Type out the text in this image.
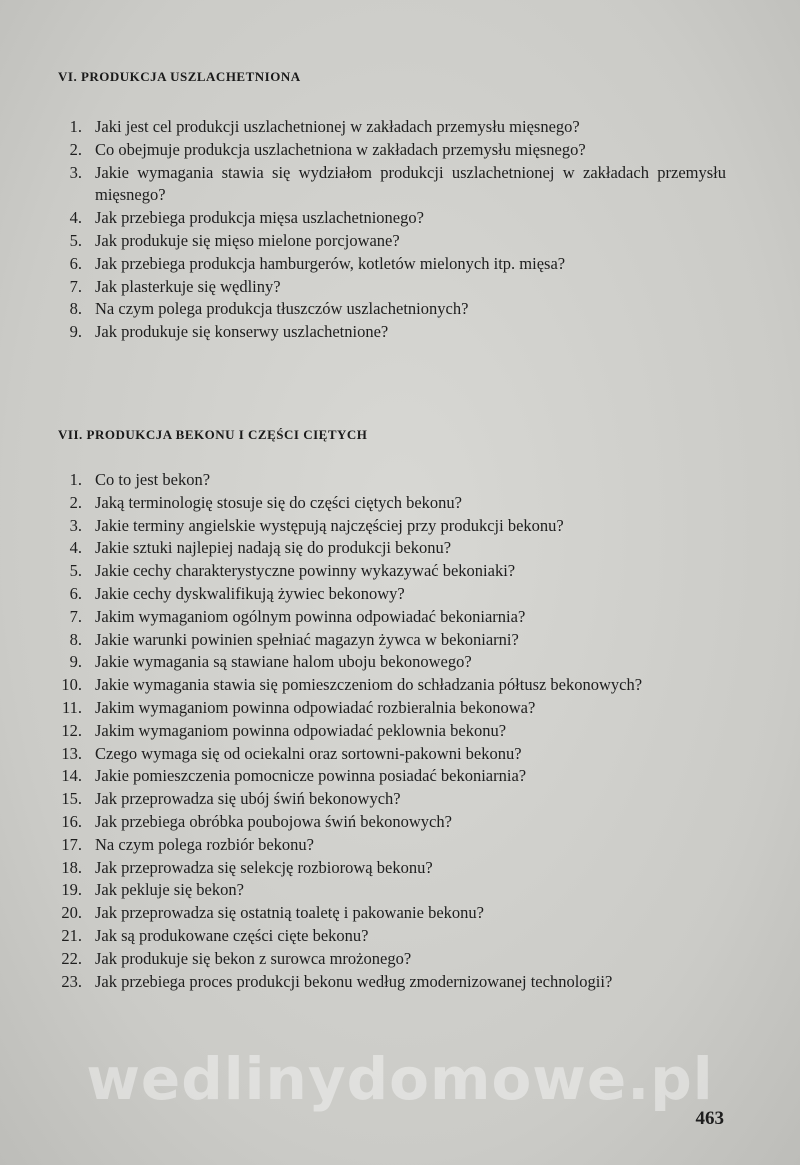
VI. PRODUKCJA USZLACHETNIONA
1. Jaki jest cel produkcji uszlachetnionej w zakładach przemysłu mięsnego?
2. Co obejmuje produkcja uszlachetniona w zakładach przemysłu mięsnego?
3. Jakie wymagania stawia się wydziałom produkcji uszlachetnionej w zakładach przemysłu mięsnego?
4. Jak przebiega produkcja mięsa uszlachetnionego?
5. Jak produkuje się mięso mielone porcjowane?
6. Jak przebiega produkcja hamburgerów, kotletów mielonych itp. mięsa?
7. Jak plasterkuje się wędliny?
8. Na czym polega produkcja tłuszczów uszlachetnionych?
9. Jak produkuje się konserwy uszlachetnione?
VII. PRODUKCJA BEKONU I CZĘŚCI CIĘTYCH
1. Co to jest bekon?
2. Jaką terminologię stosuje się do części ciętych bekonu?
3. Jakie terminy angielskie występują najczęściej przy produkcji bekonu?
4. Jakie sztuki najlepiej nadają się do produkcji bekonu?
5. Jakie cechy charakterystyczne powinny wykazywać bekoniaki?
6. Jakie cechy dyskwalifikują żywiec bekonowy?
7. Jakim wymaganiom ogólnym powinna odpowiadać bekoniarnia?
8. Jakie warunki powinien spełniać magazyn żywca w bekoniarni?
9. Jakie wymagania są stawiane halom uboju bekonowego?
10. Jakie wymagania stawia się pomieszczeniom do schładzania półtusz bekonowych?
11. Jakim wymaganiom powinna odpowiadać rozbieralnia bekonowa?
12. Jakim wymaganiom powinna odpowiadać peklownia bekonu?
13. Czego wymaga się od ociekalni oraz sortowni-pakowni bekonu?
14. Jakie pomieszczenia pomocnicze powinna posiadać bekoniarnia?
15. Jak przeprowadza się ubój świń bekonowych?
16. Jak przebiega obróbka poubojowa świń bekonowych?
17. Na czym polega rozbiór bekonu?
18. Jak przeprowadza się selekcję rozbiorową bekonu?
19. Jak pekluje się bekon?
20. Jak przeprowadza się ostatnią toaletę i pakowanie bekonu?
21. Jak są produkowane części cięte bekonu?
22. Jak produkuje się bekon z surowca mrożonego?
23. Jak przebiega proces produkcji bekonu według zmodernizowanej technologii?
wedlinydomowe.pl
463
